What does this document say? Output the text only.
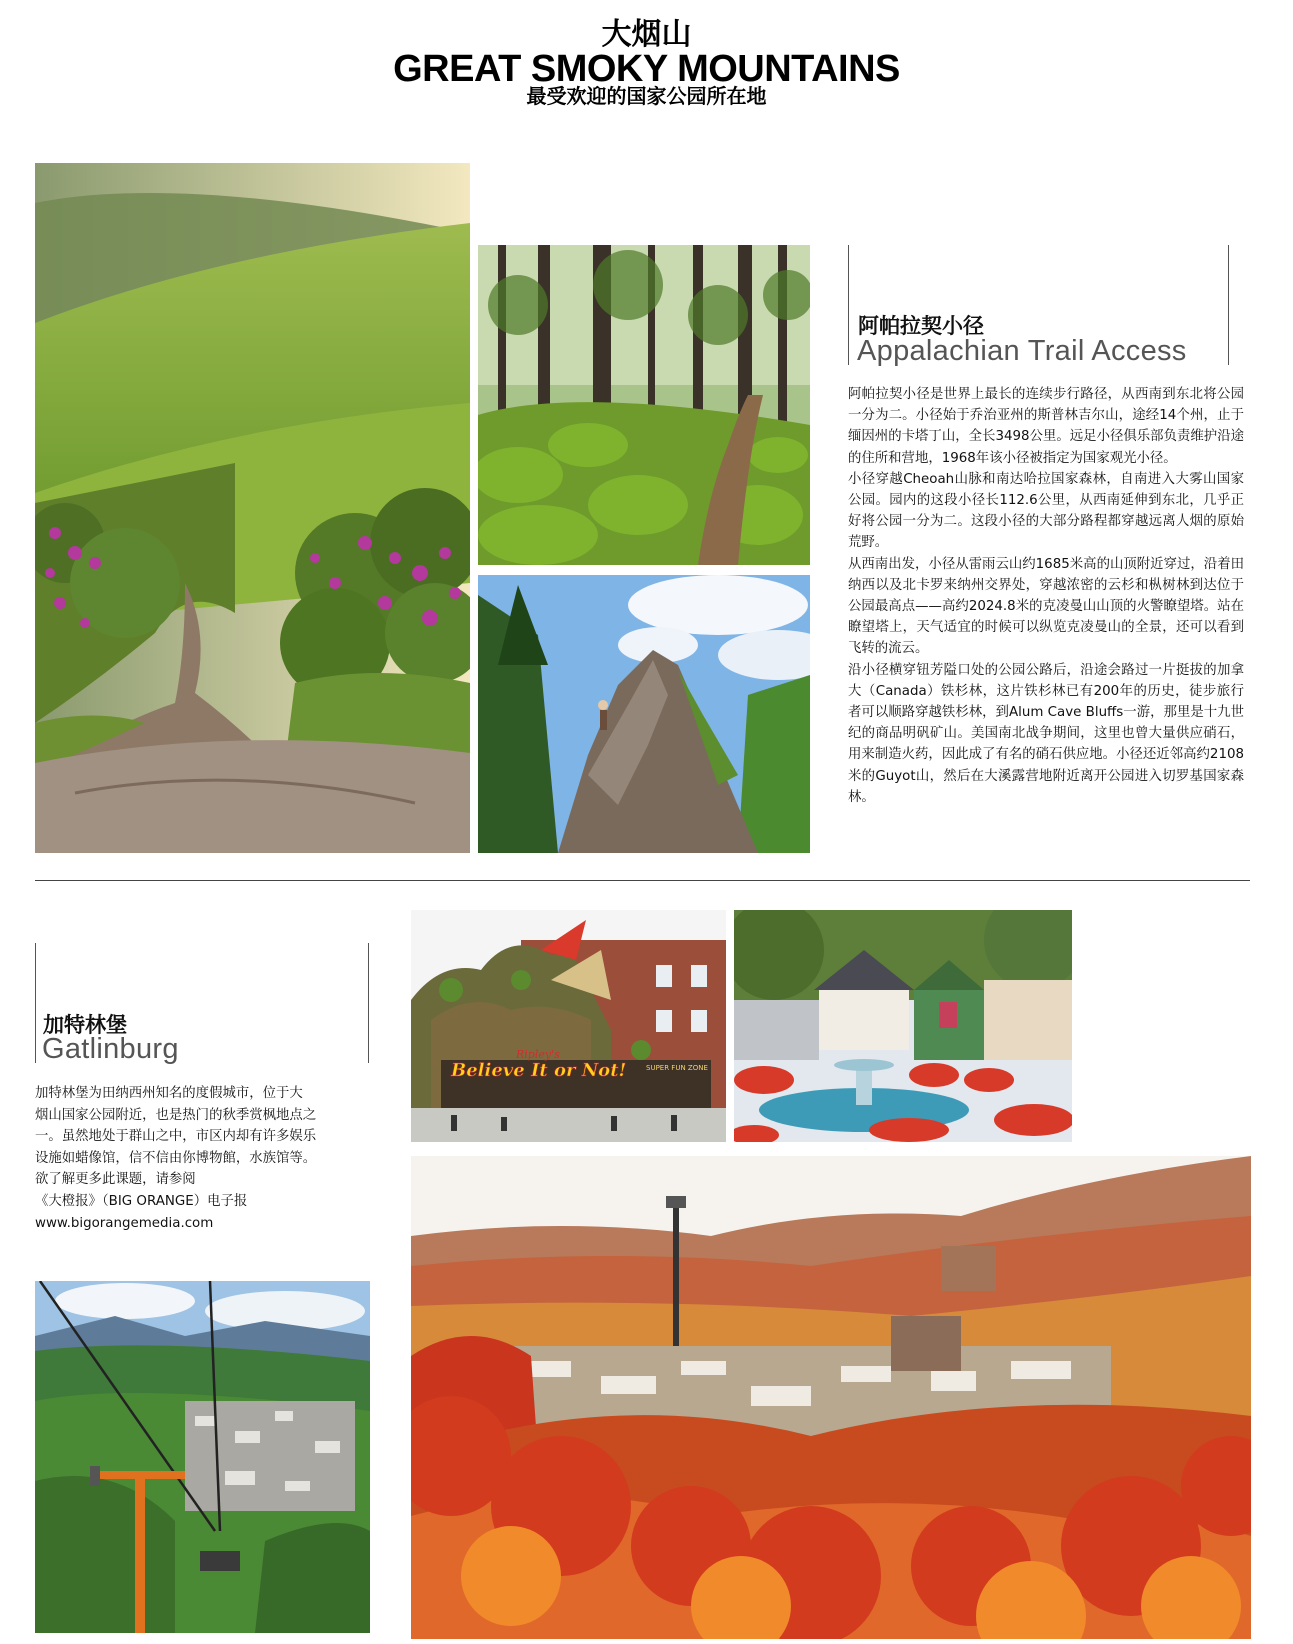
大烟山
GREAT SMOKY MOUNTAINS
最受欢迎的国家公园所在地
阿帕拉契小径
Appalachian Trail Access

阿帕拉契小径是世界上最长的连续步行路径，从西南到东北将公园一分为二。小径始于乔治亚州的斯普林吉尔山，途经14个州，止于缅因州的卡塔丁山，全长3498公里。远足小径俱乐部负责维护沿途的住所和营地，1968年该小径被指定为国家观光小径。

小径穿越Cheoah山脉和南达哈拉国家森林，自南进入大雾山国家公园。园内的这段小径长112.6公里，从西南延伸到东北，几乎正好将公园一分为二。这段小径的大部分路程都穿越远离人烟的原始荒野。

从西南出发，小径从雷雨云山约1685米高的山顶附近穿过，沿着田纳西以及北卡罗来纳州交界处，穿越浓密的云杉和枞树林到达位于公园最高点——高约2024.8米的克凌曼山山顶的火警瞭望塔。站在瞭望塔上，天气适宜的时候可以纵览克凌曼山的全景，还可以看到飞转的流云。

沿小径横穿钮芳隘口处的公园公路后，沿途会路过一片挺拔的加拿大（Canada）铁杉林，这片铁杉林已有200年的历史，徒步旅行者可以顺路穿越铁杉林，到Alum Cave Bluffs一游，那里是十九世纪的商品明矾矿山。美国南北战争期间，这里也曾大量供应硝石，用来制造火药，因此成了有名的硝石供应地。小径还近邻高约2108米的Guyot山，然后在大溪露营地附近离开公园进入切罗基国家森林。

加特林堡
Gatlinburg
加特林堡为田纳西州知名的度假城市，位于大
烟山国家公园附近，也是热门的秋季赏枫地点之
一。虽然地处于群山之中，市区内却有许多娱乐
设施如蜡像馆，信不信由你博物館，水族馆等。
欲了解更多此课题，请参阅
《大橙报》（BIG ORANGE）电子报
www.bigorangemedia.com
Ripley's
Believe It or Not!	SUPER FUN ZONE
